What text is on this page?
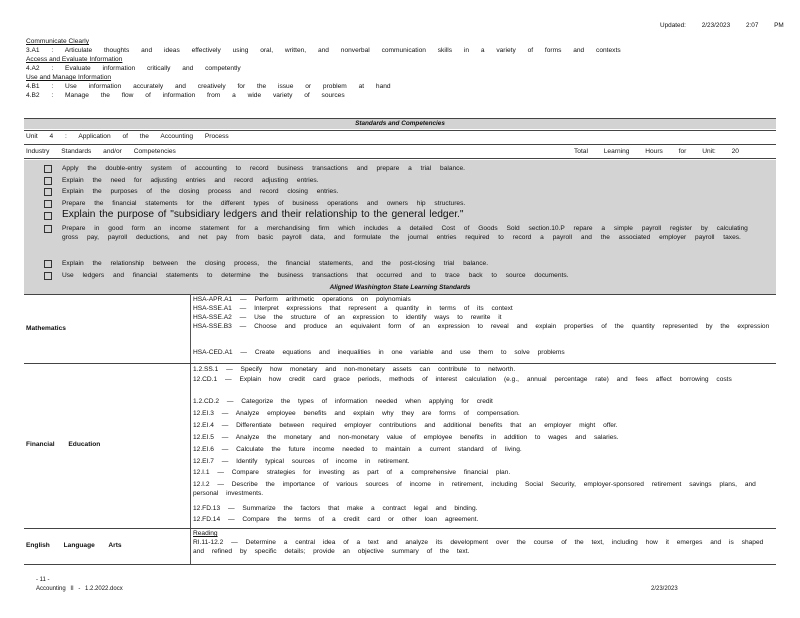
Updated: 2/23/2023 2:07 PM
Communicate Clearly
3.A1 : Articulate thoughts and ideas effectively using oral, written, and nonverbal communication skills in a variety of forms and contexts
Access and Evaluate Information
4.A2 : Evaluate information critically and competently
Use and Manage Information
4.B1 : Use information accurately and creatively for the issue or problem at hand
4.B2 : Manage the flow of information from a wide variety of sources
Standards and Competencies
Unit 4 : Application of the Accounting Process
Industry Standards and/or Competencies	Total Learning Hours for Unit: 20
Apply the double-entry system of accounting to record business transactions and prepare a trial balance.
Explain the need for adjusting entries and record adjusting entries.
Explain the purposes of the closing process and record closing entries.
Prepare the financial statements for the different types of business operations and owners hip structures.
Explain the purpose of "subsidiary ledgers and their relationship to the general ledger."
Prepare in good form an income statement for a merchandising firm which includes a detailed Cost of Goods Sold section.10.P repare a simple payroll register by calculating gross pay, payroll deductions, and net pay from basic payroll data, and formulate the journal entries required to record a payroll and the associated employer payroll taxes.
Explain the relationship between the closing process, the financial statements, and the post-closing trial balance.
Use ledgers and financial statements to determine the business transactions that occurred and to trace back to source documents.
Aligned Washington State Learning Standards
Mathematics
HSA-APR.A1 — Perform arithmetic operations on polynomials
HSA-SSE.A1 — Interpret expressions that represent a quantity in terms of its context
HSA-SSE.A2 — Use the structure of an expression to identify ways to rewrite it
HSA-SSE.B3 — Choose and produce an equivalent form of an expression to reveal and explain properties of the quantity represented by the expression
HSA-CED.A1 — Create equations and inequalities in one variable and use them to solve problems
Financial Education
1.2.SS.1 — Specify how monetary and non-monetary assets can contribute to networth.
12.CD.1 — Explain how credit card grace periods, methods of interest calculation (e.g., annual percentage rate) and fees affect borrowing costs
1.2.CD.2 — Categorize the types of information needed when applying for credit
12.EI.3 — Analyze employee benefits and explain why they are forms of compensation.
12.EI.4 — Differentiate between required employer contributions and additional benefits that an employer might offer.
12.EI.5 — Analyze the monetary and non-monetary value of employee benefits in addition to wages and salaries.
12.EI.6 — Calculate the future income needed to maintain a current standard of living.
12.EI.7 — Identify typical sources of income in retirement.
12.I.1 — Compare strategies for investing as part of a comprehensive financial plan.
12.I.2 — Describe the importance of various sources of income in retirement, including Social Security, employer-sponsored retirement savings plans, and personal investments.
12.FD.13 — Summarize the factors that make a contract legal and binding.
12.FD.14 — Compare the terms of a credit card or other loan agreement.
English Language Arts
Reading
RI.11-12.2 — Determine a central idea of a text and analyze its development over the course of the text, including how it emerges and is shaped and refined by specific details; provide an objective summary of the text.
- 11 -
Accounting II - 1.2.2022.docx	2/23/2023
